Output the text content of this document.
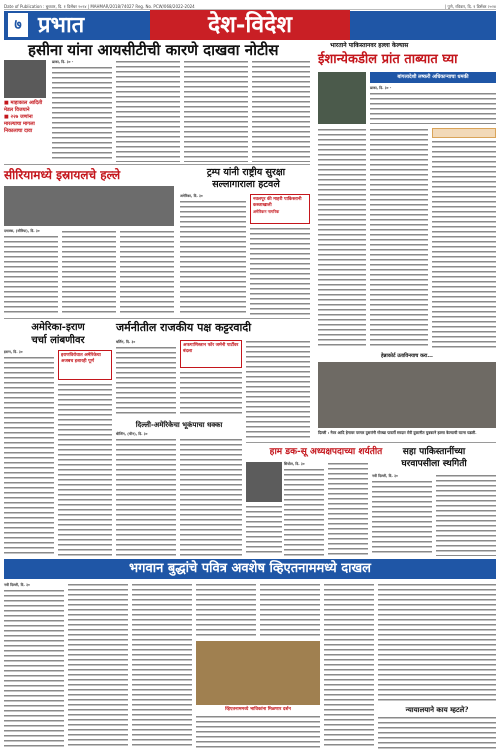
Date of Publication : बुधवार, दि. १ डिसेंबर २०२४ | MAHMAR/2018/74027 Reg. No. PCW/068/2022-2024	| पुणे, रविवार, दि. १ डिसेंबर २०२४
७ प्रभात	देश-विदेश
हसीना यांना आयसीटीची कारणे दाखवा नोटीस
■ माहाकाल आदिती
मेडल विजयाने
■ २२७ जणांना
मारल्याचा मागला
निकालाचा दावा
ढाका, दि. ३० -
भारताने पाकिस्तानवर हल्ला केल्यास
ईशान्येकडील प्रांत ताब्यात घ्या
बांगलादेशी लष्करी अधिकाऱ्याचा धमकी
ढाका, दि. ३० -
सीरियामध्ये इस्रायलचे हल्ले
दमास्क, (सीरिया), दि. ३०
ट्रम्प यांनी राष्ट्रीय सुरक्षा
सल्लागाराला हटवले
अमेरिका, दि. ३०
नवलपूर की माहरी पाकिस्तानी कब्जाखाली
अमेरिकन नागरिक
हेन्नाकोर्ट उताविनयाच करा...
दिल्ली : नेवर आदि हेनावर परमार दुसरांनी गोरखा पावर्ती सरदार रोरी दुकानीत युवकाने हल्ला केल्याची घटना घडली.
अमेरिका-इराण
चर्चा लांबणीवर
इराण, दि. ३०
इराणविरोधात अमेरिकेचा अजबच इशारही पूर्ण
जर्मनीतील राजकीय पक्ष कट्टरवादी
बर्लिन, दि. ३०
अफगाणिस्तान फॉर जर्मनी पार्टीवर बंदला
दिल्ली-अमेरिकेचा भूकंपाचा धक्का
बीजिंग, (चीन), दि. ३०
हाम डक-सू अध्यक्षपदाच्या शर्यतीत
सियोल, दि. ३०
सहा पाकिस्तानींच्या
घरवापसीला स्थगिती
नवी दिल्ली, दि. ३०
भगवान बुद्धांचे पवित्र अवशेष व्हिएतनाममध्ये दाखल
नवी दिल्ली, दि. ३०
व्हिएतनाममध्ये भाविकांना मिळणार दर्शन	न्यायालयाने काय म्हटले?
